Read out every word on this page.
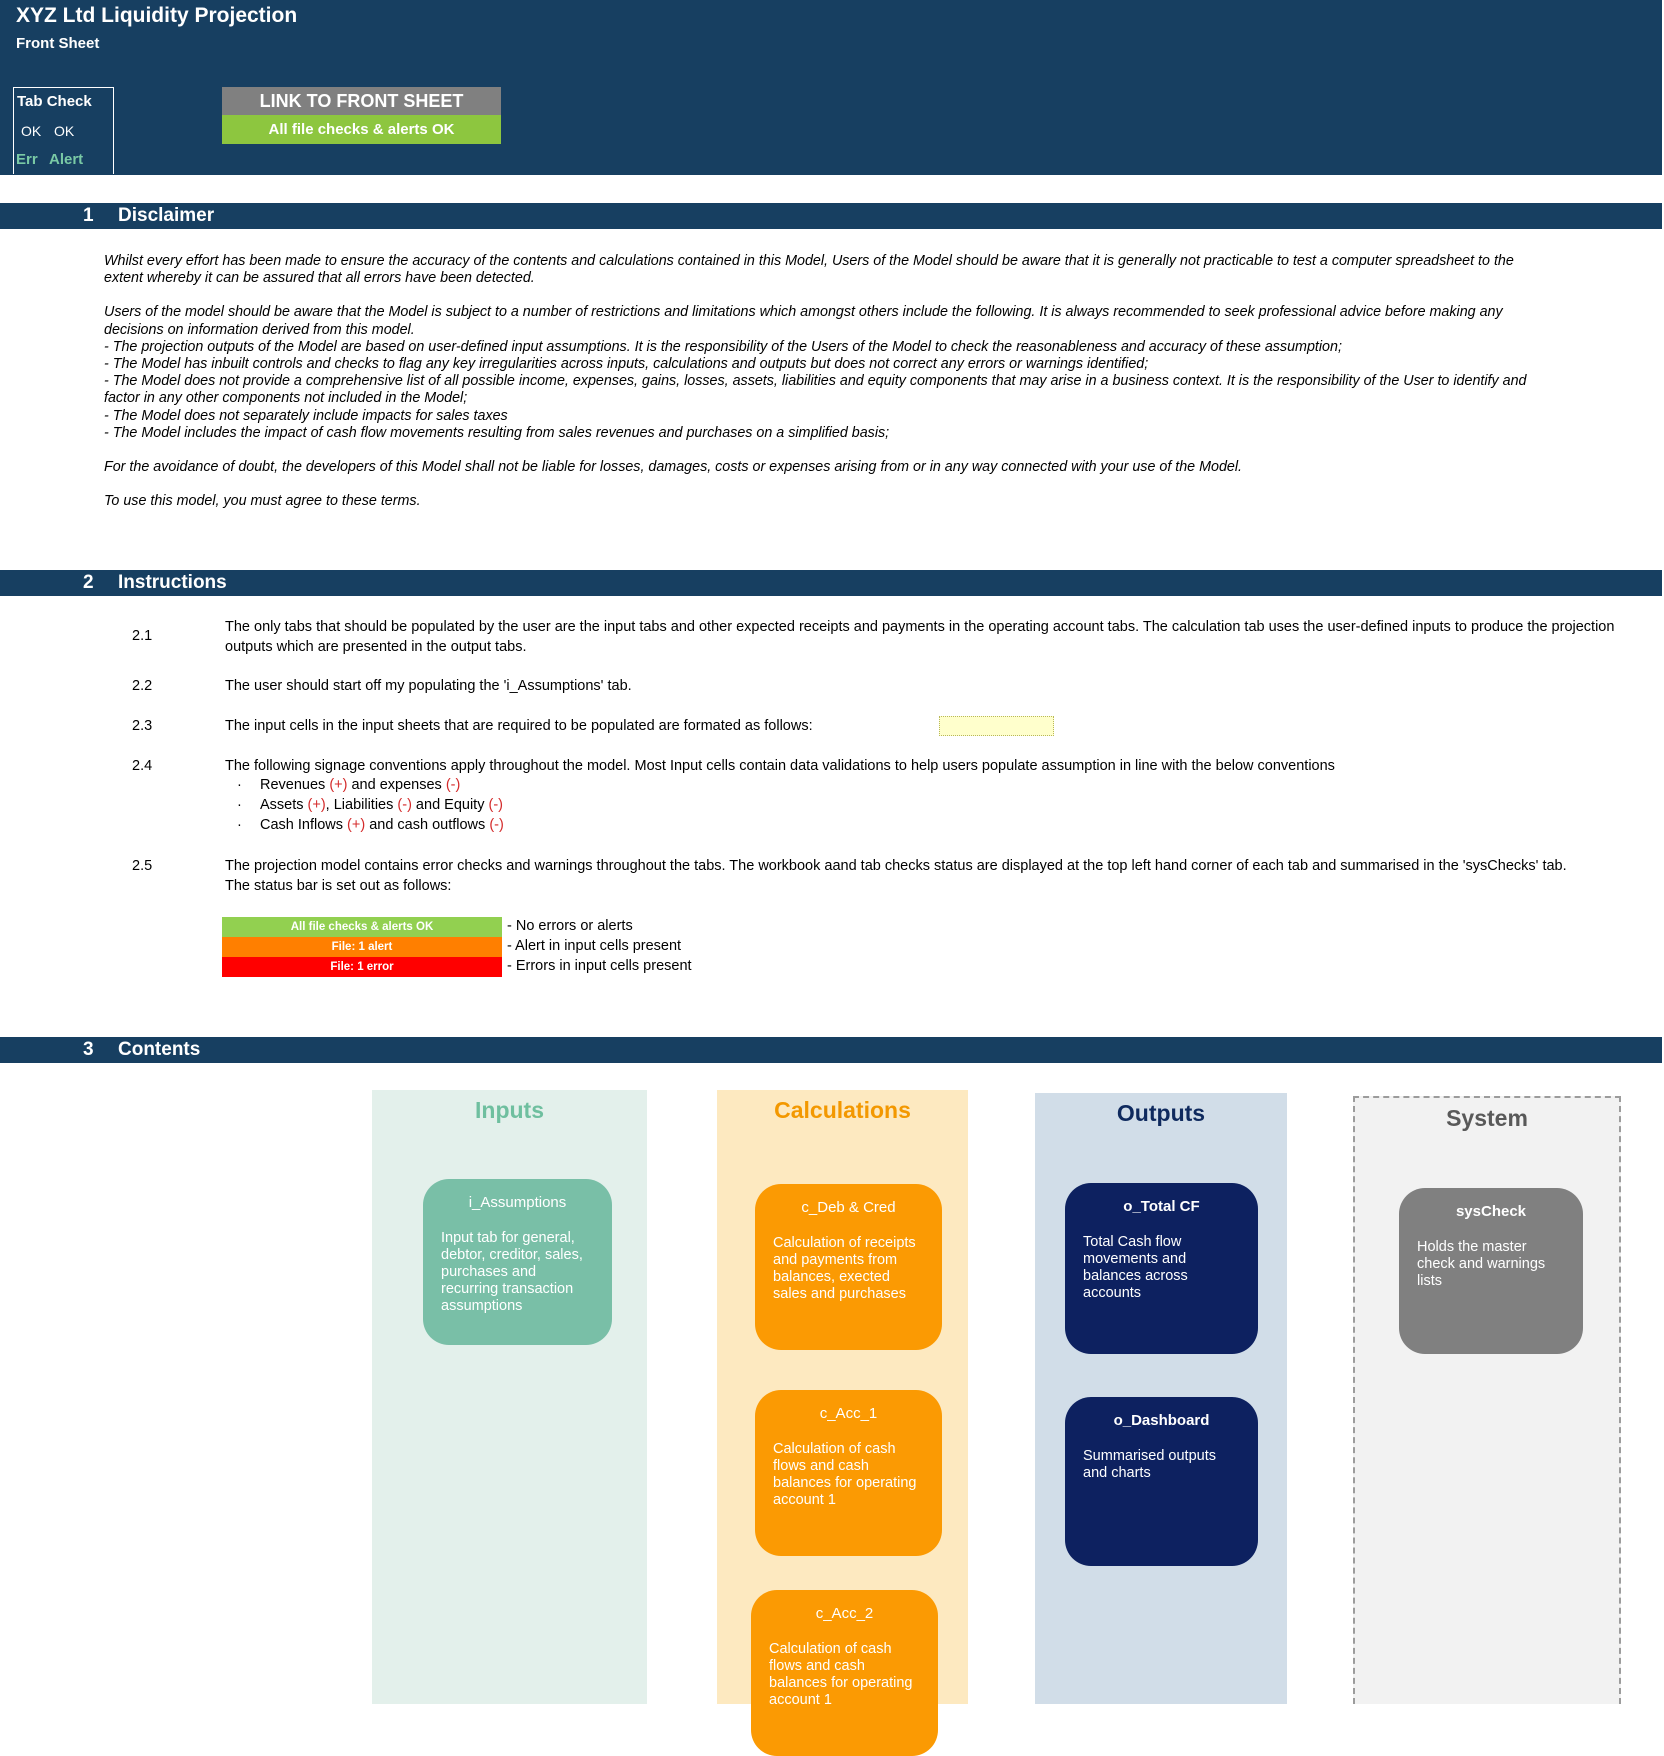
XYZ Ltd Liquidity Projection
Front Sheet
Tab Check
OK OK
Err Alert
LINK TO FRONT SHEET
All file checks & alerts OK
1 Disclaimer

Whilst every effort has been made to ensure the accuracy of the contents and calculations contained in this Model, Users of the Model should be aware that it is generally not practicable to test a computer spreadsheet to the
extent whereby it can be assured that all errors have been detected.

Users of the model should be aware that the Model is subject to a number of restrictions and limitations which amongst others include the following. It is always recommended to seek professional advice before making any
decisions on information derived from this model.
- The projection outputs of the Model are based on user-defined input assumptions. It is the responsibility of the Users of the Model to check the reasonableness and accuracy of these assumption;
- The Model has inbuilt controls and checks to flag any key irregularities across inputs, calculations and outputs but does not correct any errors or warnings identified;
- The Model does not provide a comprehensive list of all possible income, expenses, gains, losses, assets, liabilities and equity components that may arise in a business context. It is the responsibility of the User to identify and
factor in any other components not included in the Model;
- The Model does not separately include impacts for sales taxes
- The Model includes the impact of cash flow movements resulting from sales revenues and purchases on a simplified basis;

For the avoidance of doubt, the developers of this Model shall not be liable for losses, damages, costs or expenses arising from or in any way connected with your use of the Model.

To use this model, you must agree to these terms.

2 Instructions
2.1
The only tabs that should be populated by the user are the input tabs and other expected receipts and payments in the operating account tabs. The calculation tab uses the user-defined inputs to produce the projection
outputs which are presented in the output tabs.
2.2	The user should start off my populating the 'i_Assumptions' tab.
2.3	The input cells in the input sheets that are required to be populated are formated as follows:
2.4	The following signage conventions apply throughout the model. Most Input cells contain data validations to help users populate assumption in line with the below conventions
· Revenues (+) and expenses (-)
· Assets (+), Liabilities (-) and Equity (-)
· Cash Inflows (+) and cash outflows (-)
2.5	The projection model contains error checks and warnings throughout the tabs. The workbook aand tab checks status are displayed at the top left hand corner of each tab and summarised in the 'sysChecks' tab.
The status bar is set out as follows:
All file checks & alerts OK	- No errors or alerts
File: 1 alert	- Alert in input cells present
File: 1 error	- Errors in input cells present
3 Contents
Inputs
i_Assumptions
Input tab for general, debtor, creditor, sales, purchases and recurring transaction assumptions
Calculations
c_Deb & Cred
Calculation of receipts and payments from balances, exected sales and purchases
c_Acc_1
Calculation of cash flows and cash balances for operating account 1
c_Acc_2
Calculation of cash flows and cash balances for operating account 1
Outputs
o_Total CF
Total Cash flow movements and balances across accounts
o_Dashboard
Summarised outputs and charts
System
sysCheck
Holds the master check and warnings lists
